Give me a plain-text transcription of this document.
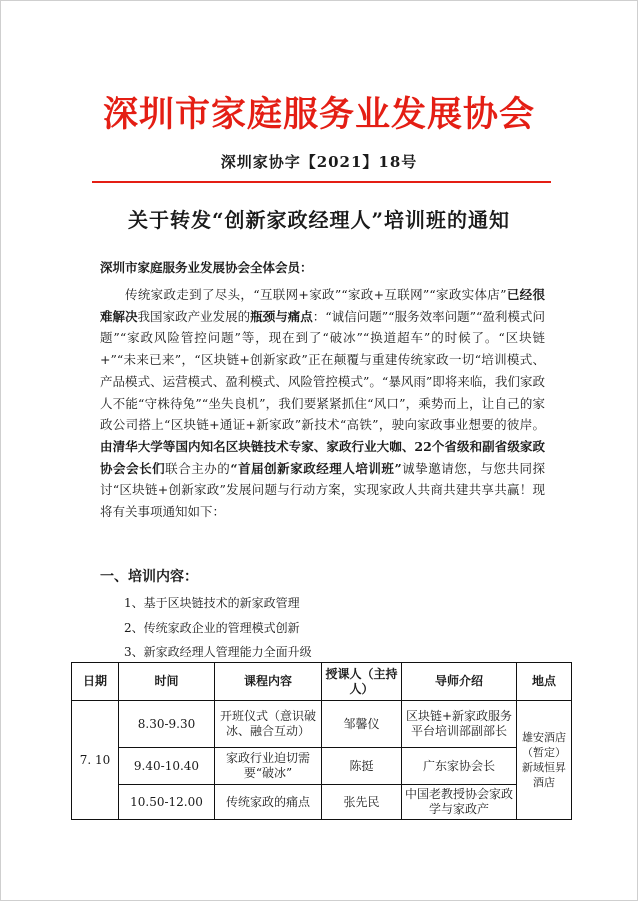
深圳市家庭服务业发展协会
深圳家协字【2021】18号
关于转发“创新家政经理人”培训班的通知
深圳市家庭服务业发展协会全体会员：

传统家政走到了尽头，“互联网+家政”“家政+互联网”“家政实体店”已经很难解决我国家政产业发展的瓶颈与痛点：“诚信问题”“服务效率问题”“盈利模式问题”“家政风险管控问题”等，现在到了“破冰”“换道超车”的时候了。“区块链+”“未来已来”，“区块链+创新家政”正在颠覆与重建传统家政一切“培训模式、产品模式、运营模式、盈利模式、风险管控模式”。“暴风雨”即将来临，我们家政人不能“守株待兔”“坐失良机”，我们要紧紧抓住“风口”，乘势而上，让自己的家政公司搭上“区块链+通证+新家政”新技术“高铁”，驶向家政事业想要的彼岸。由清华大学等国内知名区块链技术专家、家政行业大咖、22个省级和副省级家政协会会长们联合主办的“首届创新家政经理人培训班”诚挚邀请您，与您共同探讨“区块链+创新家政”发展问题与行动方案，实现家政人共商共建共享共赢！现将有关事项通知如下：

一、培训内容：
1、基于区块链技术的新家政管理
2、传统家政企业的管理模式创新
3、新家政经理人管理能力全面升级
日期	时间	课程内容	授课人（主持人）	导师介绍	地点
7. 10	8.30-9.30	开班仪式（意识破冰、融合互动）	邹馨仪	区块链+新家政服务平台培训部副部长	雄安酒店（暂定）新域恒昇酒店
	9.40-10.40	家政行业迫切需要“破冰”	陈挺	广东家协会长	
	10.50-12.00	传统家政的痛点	张先民	中国老教授协会家政学与家政产	
